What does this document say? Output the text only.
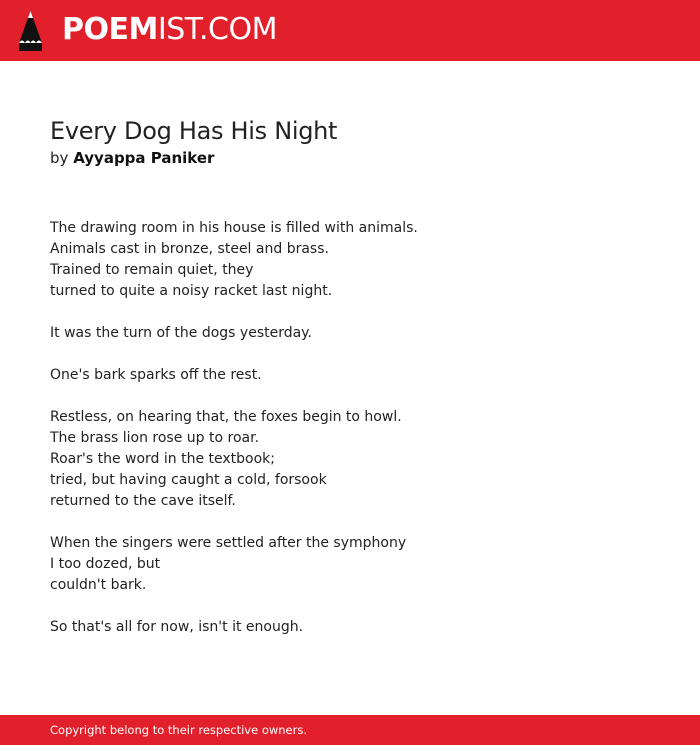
POEMIST.COM
Every Dog Has His Night
by Ayyappa Paniker
The drawing room in his house is filled with animals.
Animals cast in bronze, steel and brass.
Trained to remain quiet, they
turned to quite a noisy racket last night.
It was the turn of the dogs yesterday.
One's bark sparks off the rest.
Restless, on hearing that, the foxes begin to howl.
The brass lion rose up to roar.
Roar's the word in the textbook;
tried, but having caught a cold, forsook
returned to the cave itself.
When the singers were settled after the symphony
I too dozed, but
couldn't bark.
So that's all for now, isn't it enough.
Copyright belong to their respective owners.
